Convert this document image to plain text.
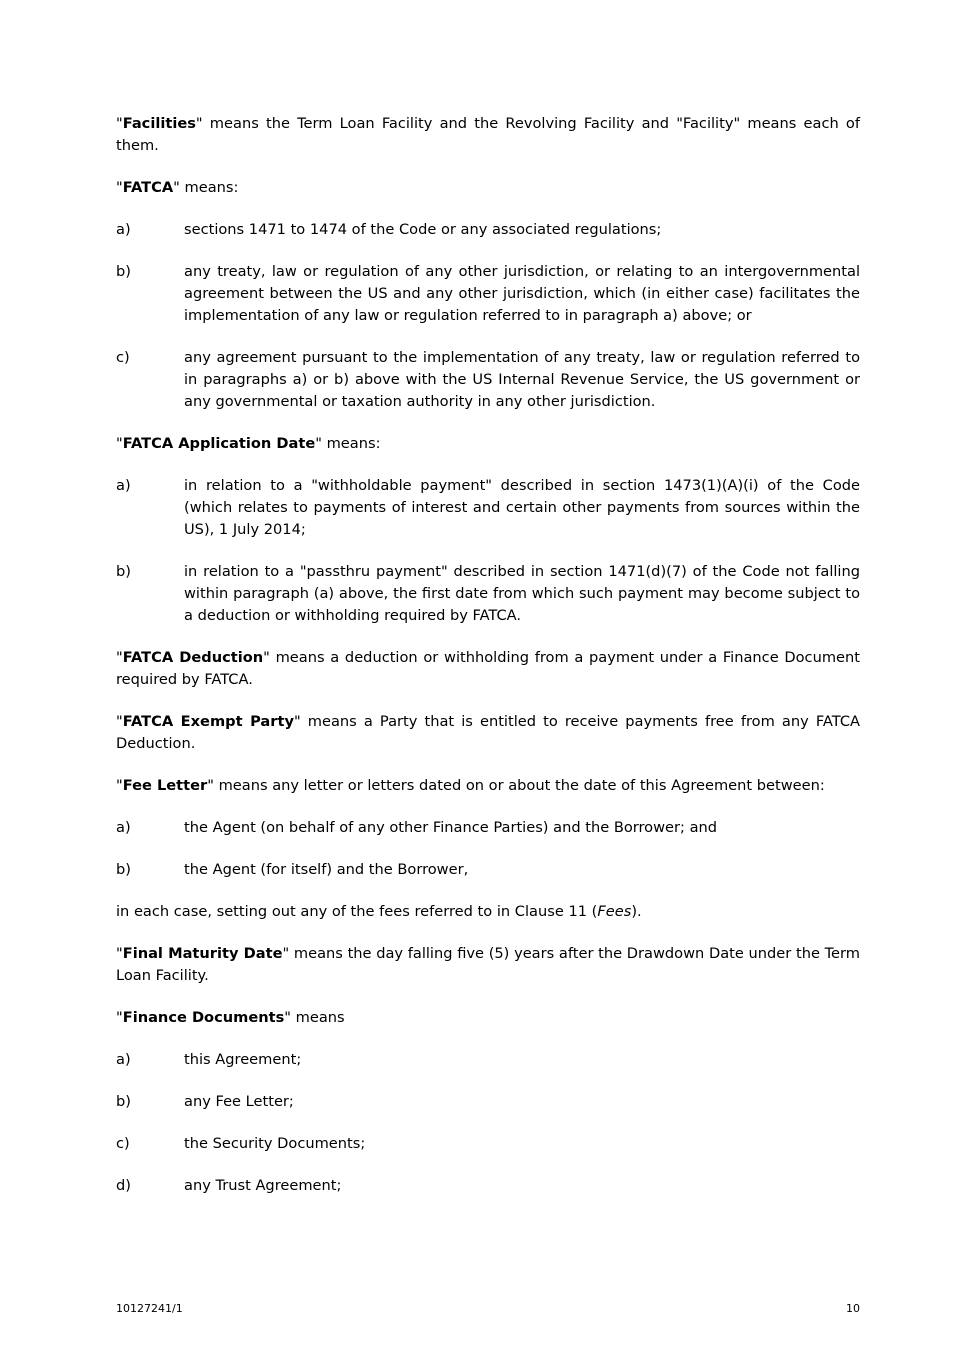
"Facilities" means the Term Loan Facility and the Revolving Facility and "Facility" means each of them.

"FATCA" means:

a)	sections 1471 to 1474 of the Code or any associated regulations;
b)	any treaty, law or regulation of any other jurisdiction, or relating to an intergovernmental agreement between the US and any other jurisdiction, which (in either case) facilitates the implementation of any law or regulation referred to in paragraph a) above; or
c)	any agreement pursuant to the implementation of any treaty, law or regulation referred to in paragraphs a) or b) above with the US Internal Revenue Service, the US government or any governmental or taxation authority in any other jurisdiction.

"FATCA Application Date" means:

a)	in relation to a "withholdable payment" described in section 1473(1)(A)(i) of the Code (which relates to payments of interest and certain other payments from sources within the US), 1 July 2014;
b)	in relation to a "passthru payment" described in section 1471(d)(7) of the Code not falling within paragraph (a) above, the first date from which such payment may become subject to a deduction or withholding required by FATCA.

"FATCA Deduction" means a deduction or withholding from a payment under a Finance Document required by FATCA.

"FATCA Exempt Party" means a Party that is entitled to receive payments free from any FATCA Deduction.

"Fee Letter" means any letter or letters dated on or about the date of this Agreement between:

a)	the Agent (on behalf of any other Finance Parties) and the Borrower; and
b)	the Agent (for itself) and the Borrower,

in each case, setting out any of the fees referred to in Clause 11 (Fees).

"Final Maturity Date" means the day falling five (5) years after the Drawdown Date under the Term Loan Facility.

"Finance Documents" means

a)	this Agreement;
b)	any Fee Letter;
c)	the Security Documents;
d)	any Trust Agreement;
10127241/1	10
